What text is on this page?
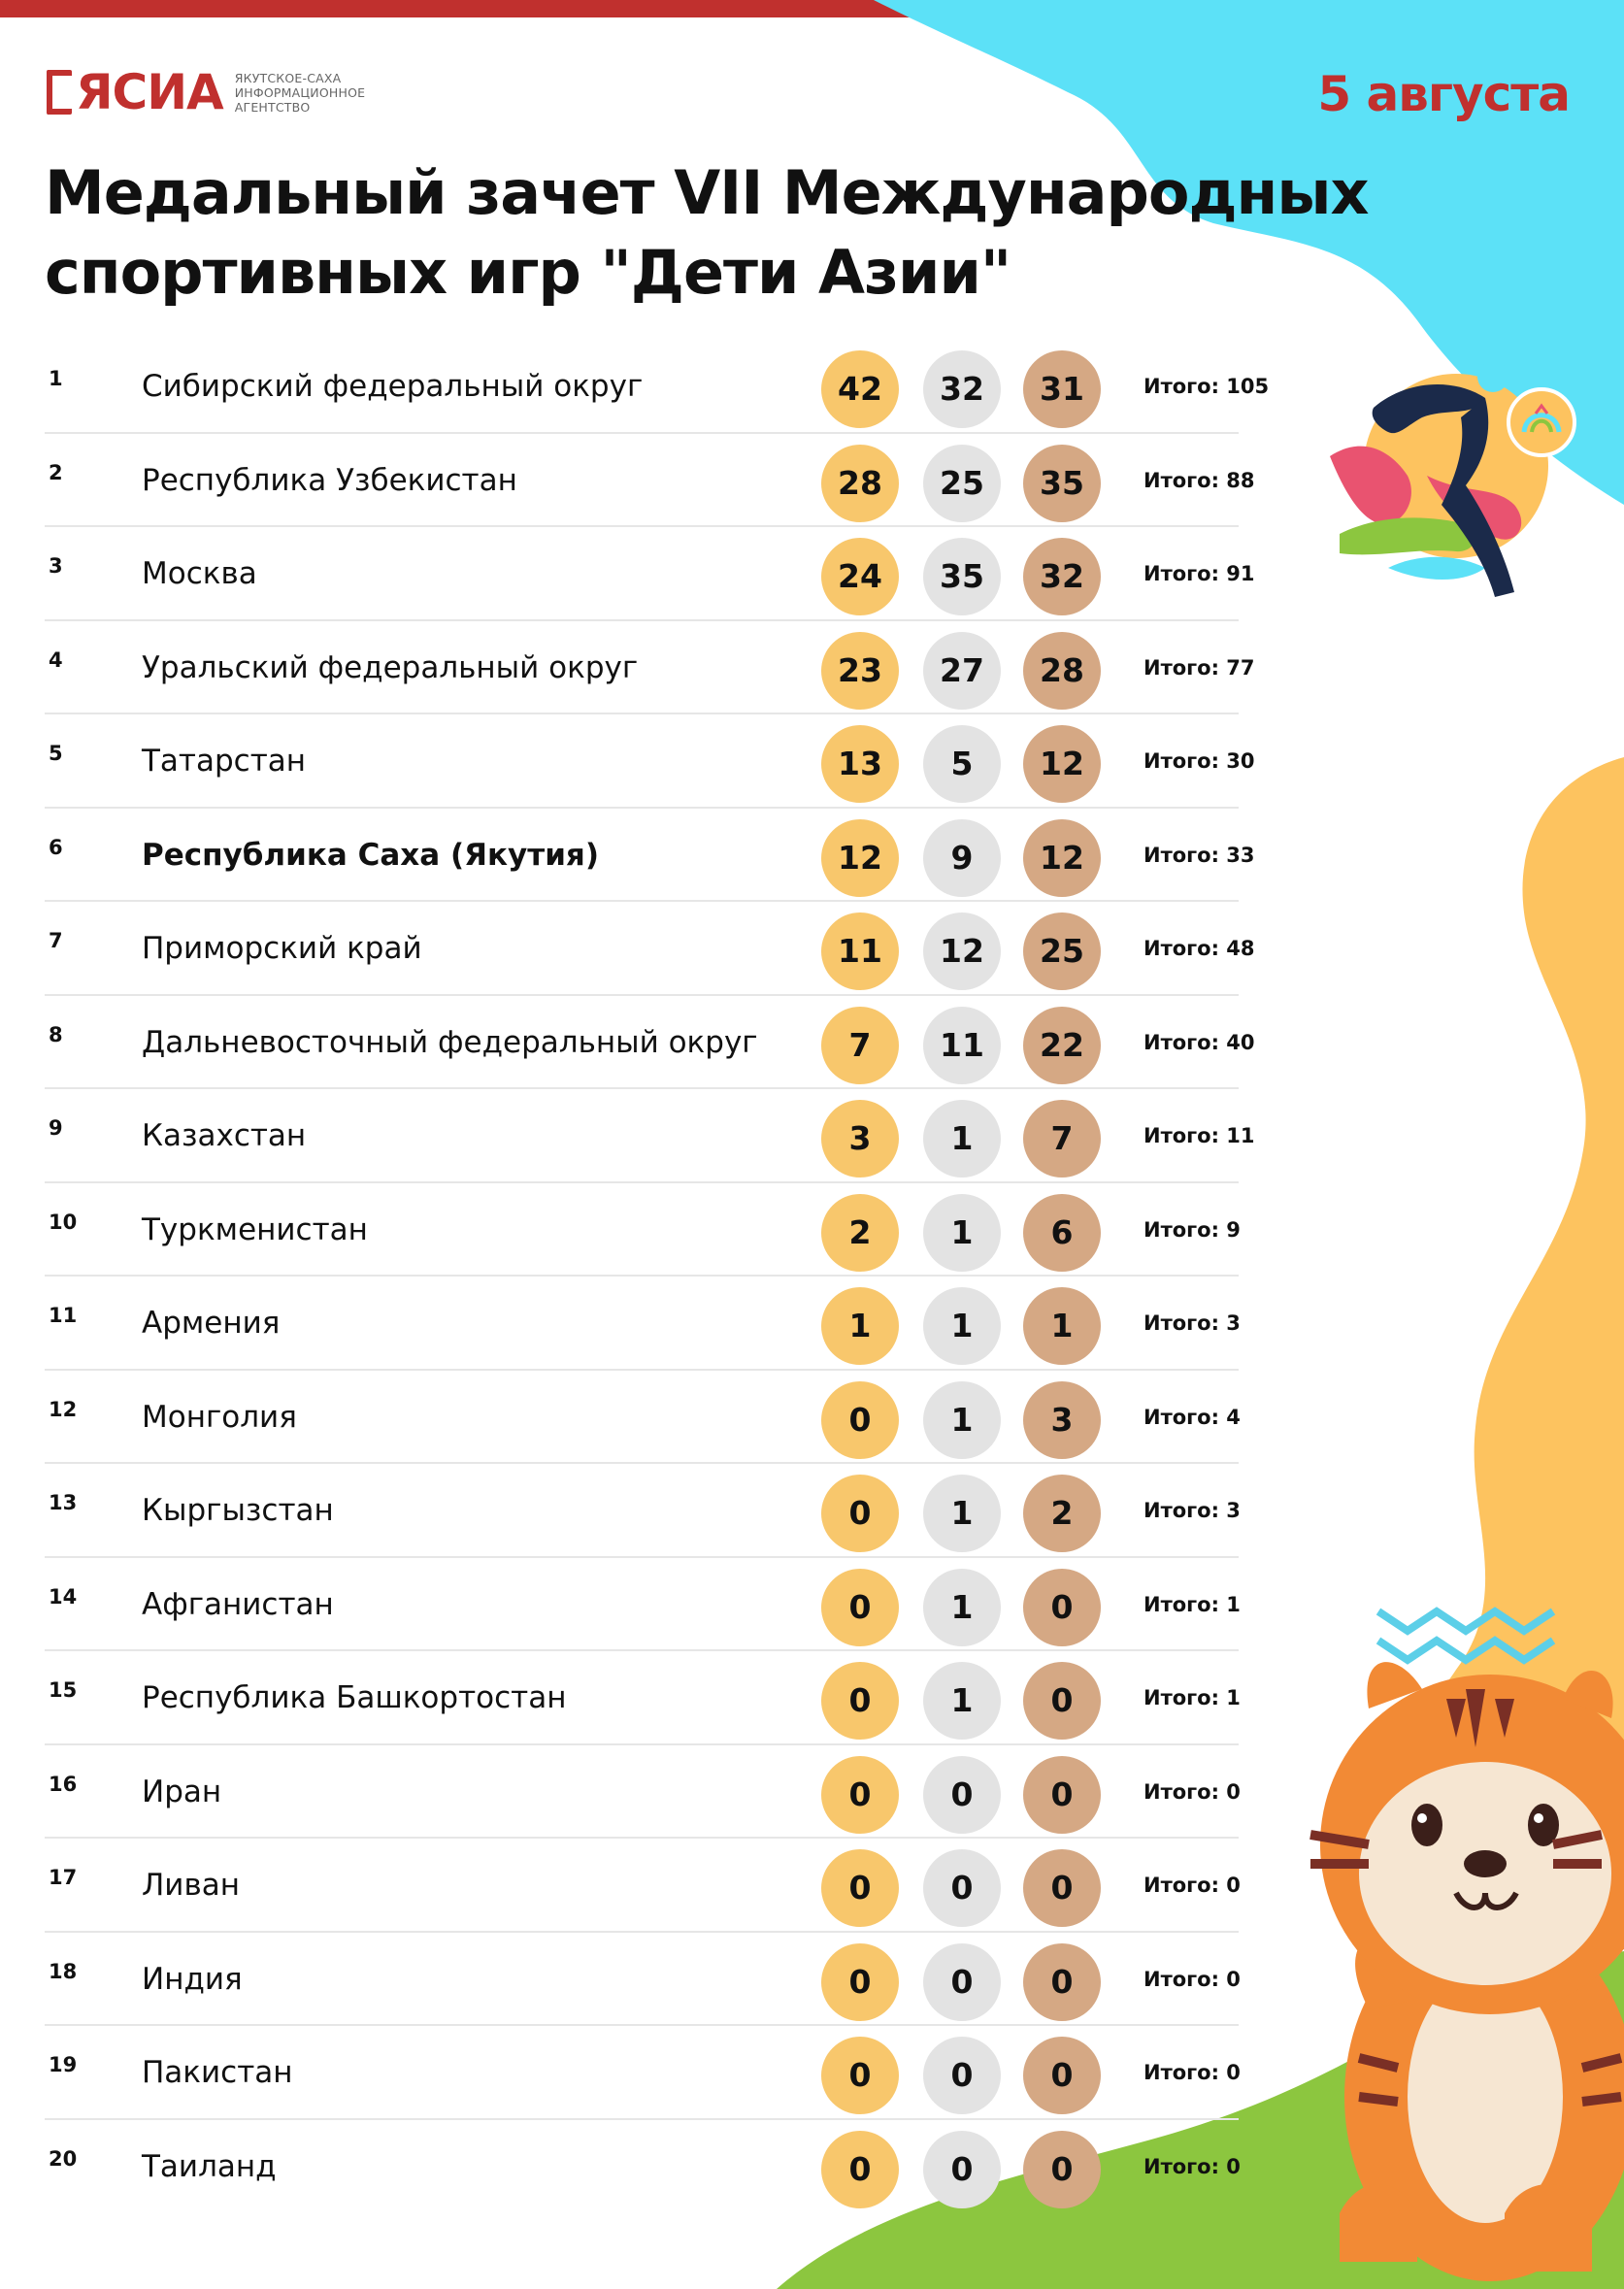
ЯСИА ЯКУТСКОЕ-САХА
ИНФОРМАЦИОННОЕ
АГЕНТСТВО	5 августа
Медальный зачет VII Международных
спортивных игр "Дети Азии"
1	Сибирский федеральный округ	42	32	31	Итого: 105
2	Республика Узбекистан	28	25	35	Итого: 88
3	Москва	24	35	32	Итого: 91
4	Уральский федеральный округ	23	27	28	Итого: 77
5	Татарстан	13	5	12	Итого: 30
6	Республика Саха (Якутия)	12	9	12	Итого: 33
7	Приморский край	11	12	25	Итого: 48
8	Дальневосточный федеральный округ	7	11	22	Итого: 40
9	Казахстан	3	1	7	Итого: 11
10 Туркменистан	2	1	6	Итого: 9
11 Армения	1	1	1	Итого: 3
12 Монголия	0	1	3	Итого: 4
13 Кыргызстан	0	1	2	Итого: 3
14 Афганистан	0	1	0	Итого: 1
15 Республика Башкортостан	0	1	0	Итого: 1
16 Иран	0	0	0	Итого: 0
17 Ливан	0	0	0	Итого: 0
18 Индия	0	0	0	Итого: 0
19 Пакистан	0	0	0	Итого: 0
20 Таиланд	0	0	0	Итого: 0
